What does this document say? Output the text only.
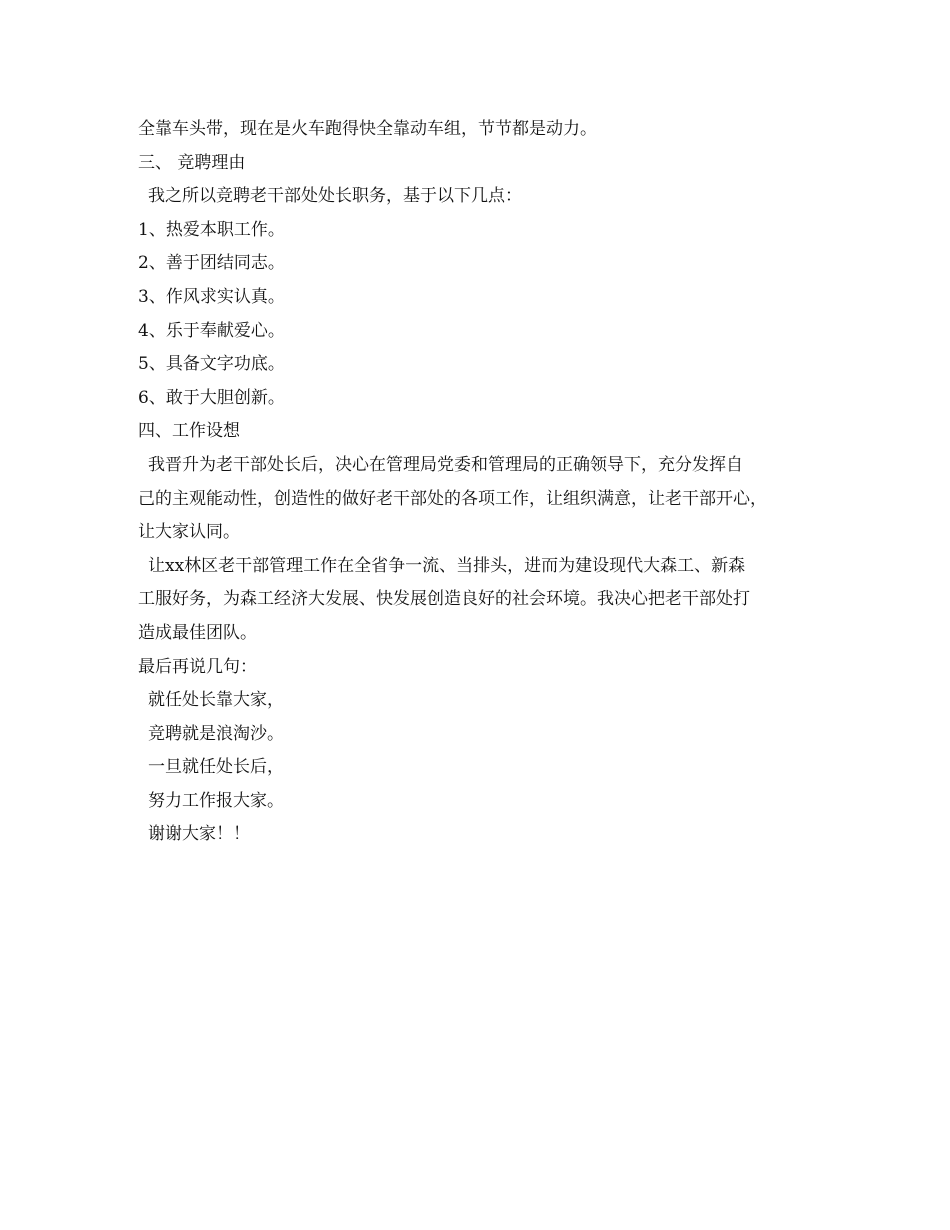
全靠车头带，现在是火车跑得快全靠动车组，节节都是动力。
三、 竞聘理由
我之所以竞聘老干部处处长职务，基于以下几点：
1、热爱本职工作。
2、善于团结同志。
3、作风求实认真。
4、乐于奉献爱心。
5、具备文字功底。
6、敢于大胆创新。
四、工作设想
我晋升为老干部处长后，决心在管理局党委和管理局的正确领导下，充分发挥自
己的主观能动性，创造性的做好老干部处的各项工作，让组织满意，让老干部开心，
让大家认同。
让xx林区老干部管理工作在全省争一流、当排头，进而为建设现代大森工、新森
工服好务，为森工经济大发展、快发展创造良好的社会环境。我决心把老干部处打
造成最佳团队。
最后再说几句：
就任处长靠大家，
竞聘就是浪淘沙。
一旦就任处长后，
努力工作报大家。
谢谢大家！！
